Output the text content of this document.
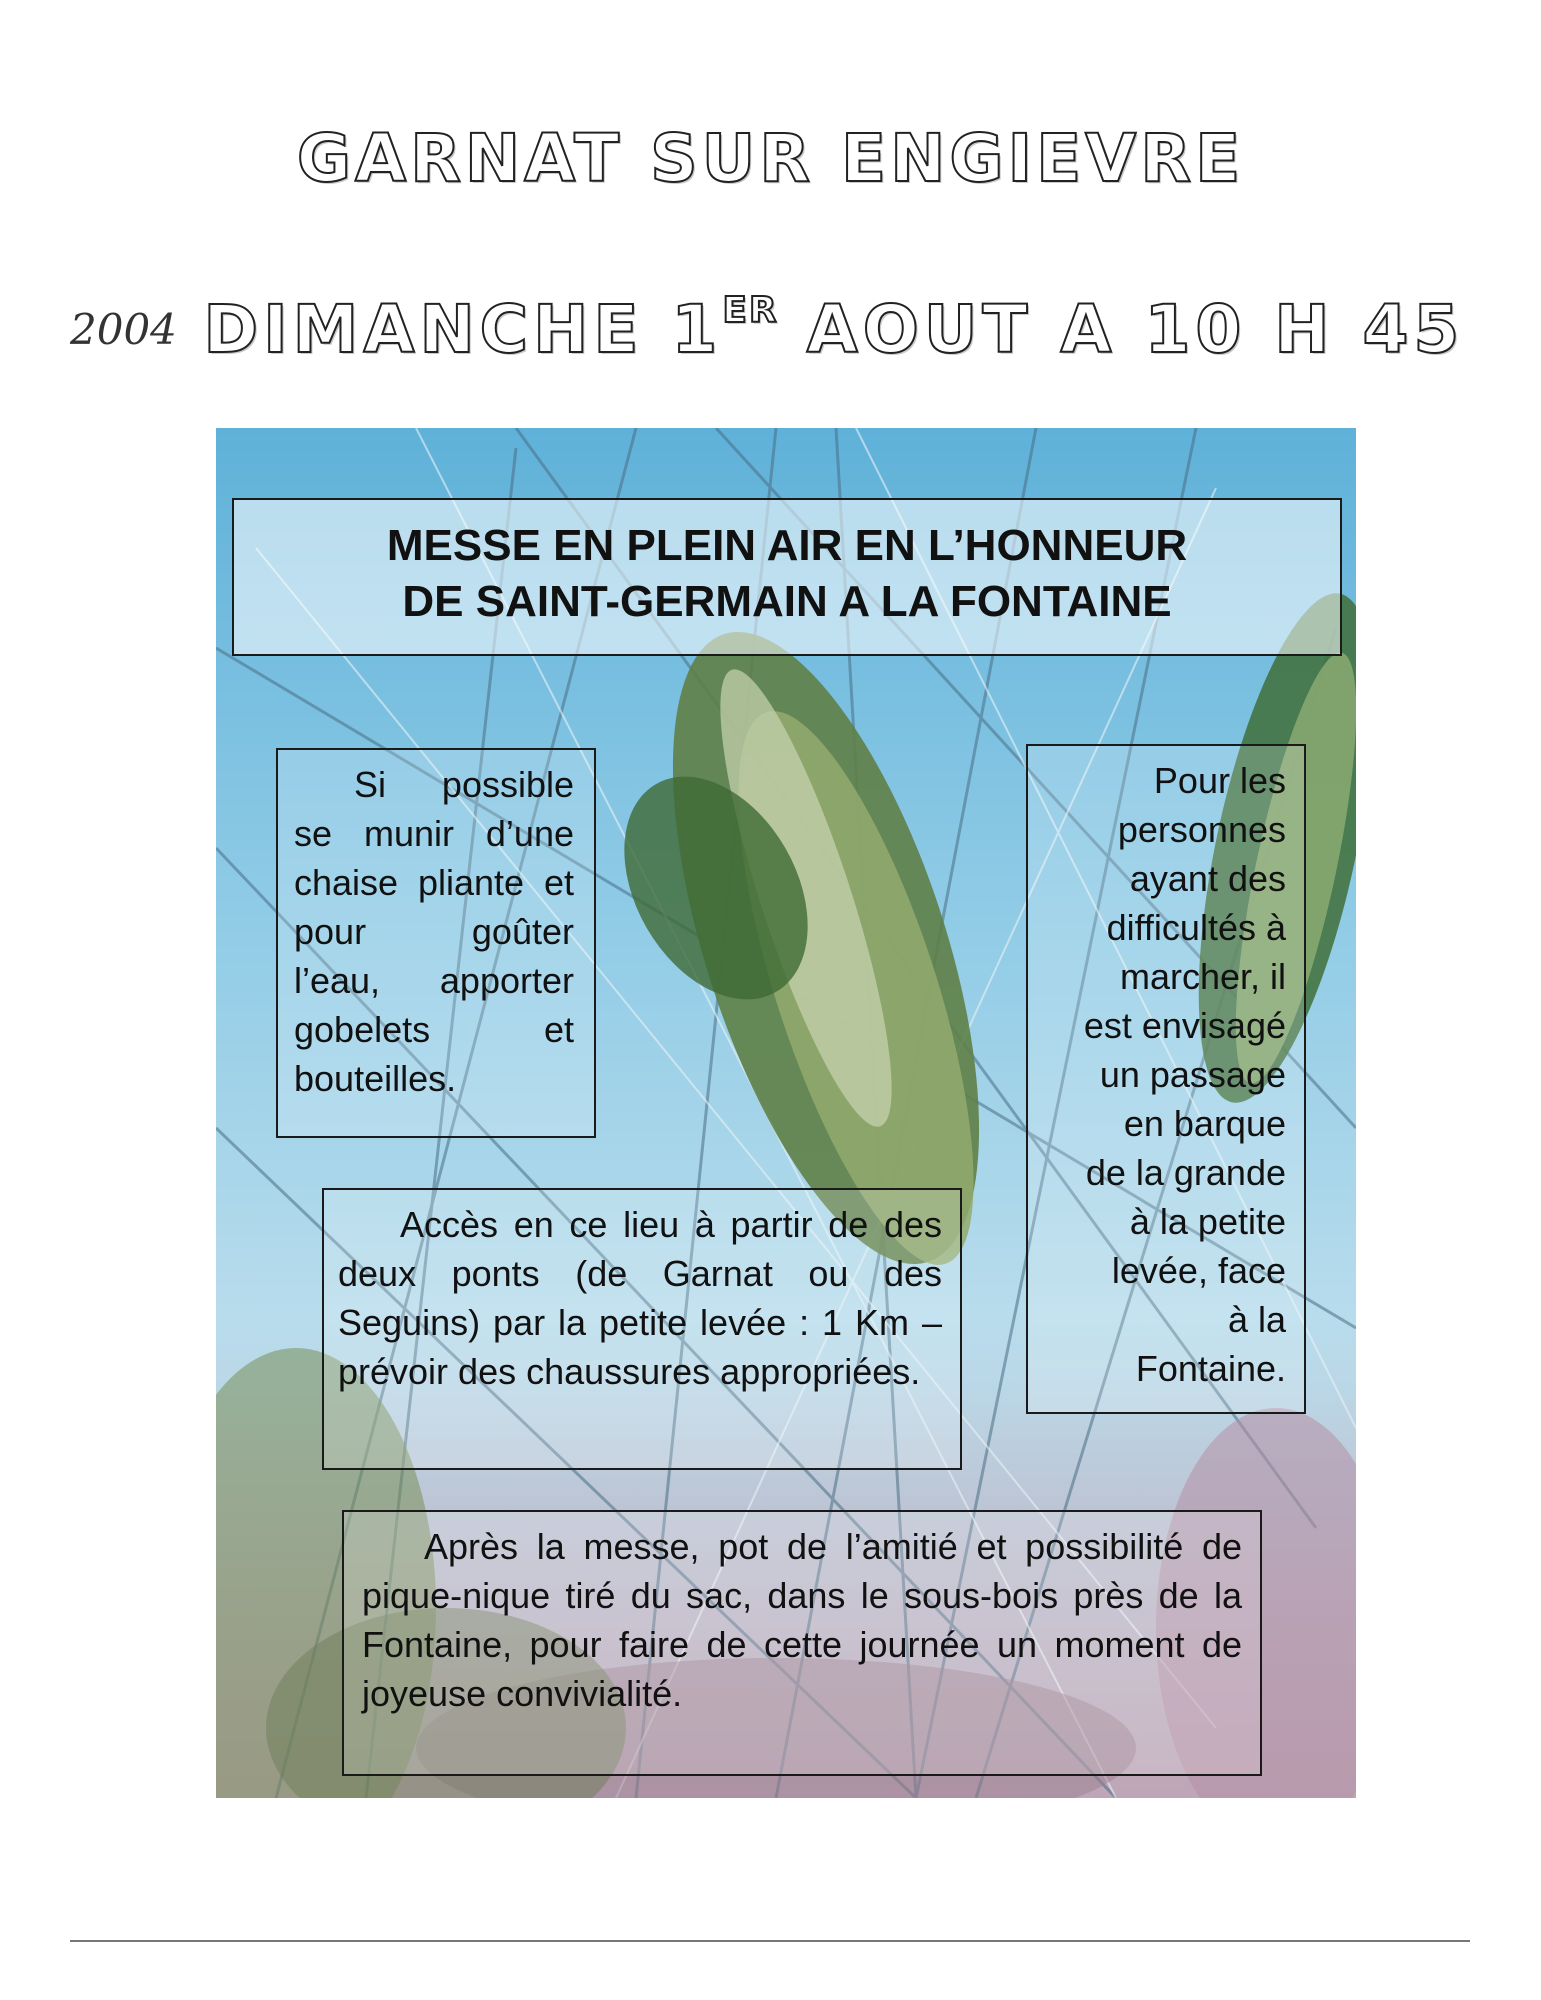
GARNAT SUR ENGIEVRE
2004 DIMANCHE 1ER AOUT A 10 H 45
MESSE EN PLEIN AIR EN L’HONNEUR
DE SAINT-GERMAIN A LA FONTAINE
Si possible se munir d’une chaise pliante et pour goûter l’eau, apporter gobelets et bouteilles.
Pour les
personnes
ayant des
difficultés à
marcher, il
est envisagé
un passage
en barque
de la grande
à la petite
levée, face
à la
Fontaine.
Accès en ce lieu à partir de des deux ponts (de Garnat ou des Seguins) par la petite levée : 1 Km – prévoir des chaussures appropriées.
Après la messe, pot de l’amitié et possibilité de pique-nique tiré du sac, dans le sous-bois près de la Fontaine, pour faire de cette journée un moment de joyeuse convivialité.
